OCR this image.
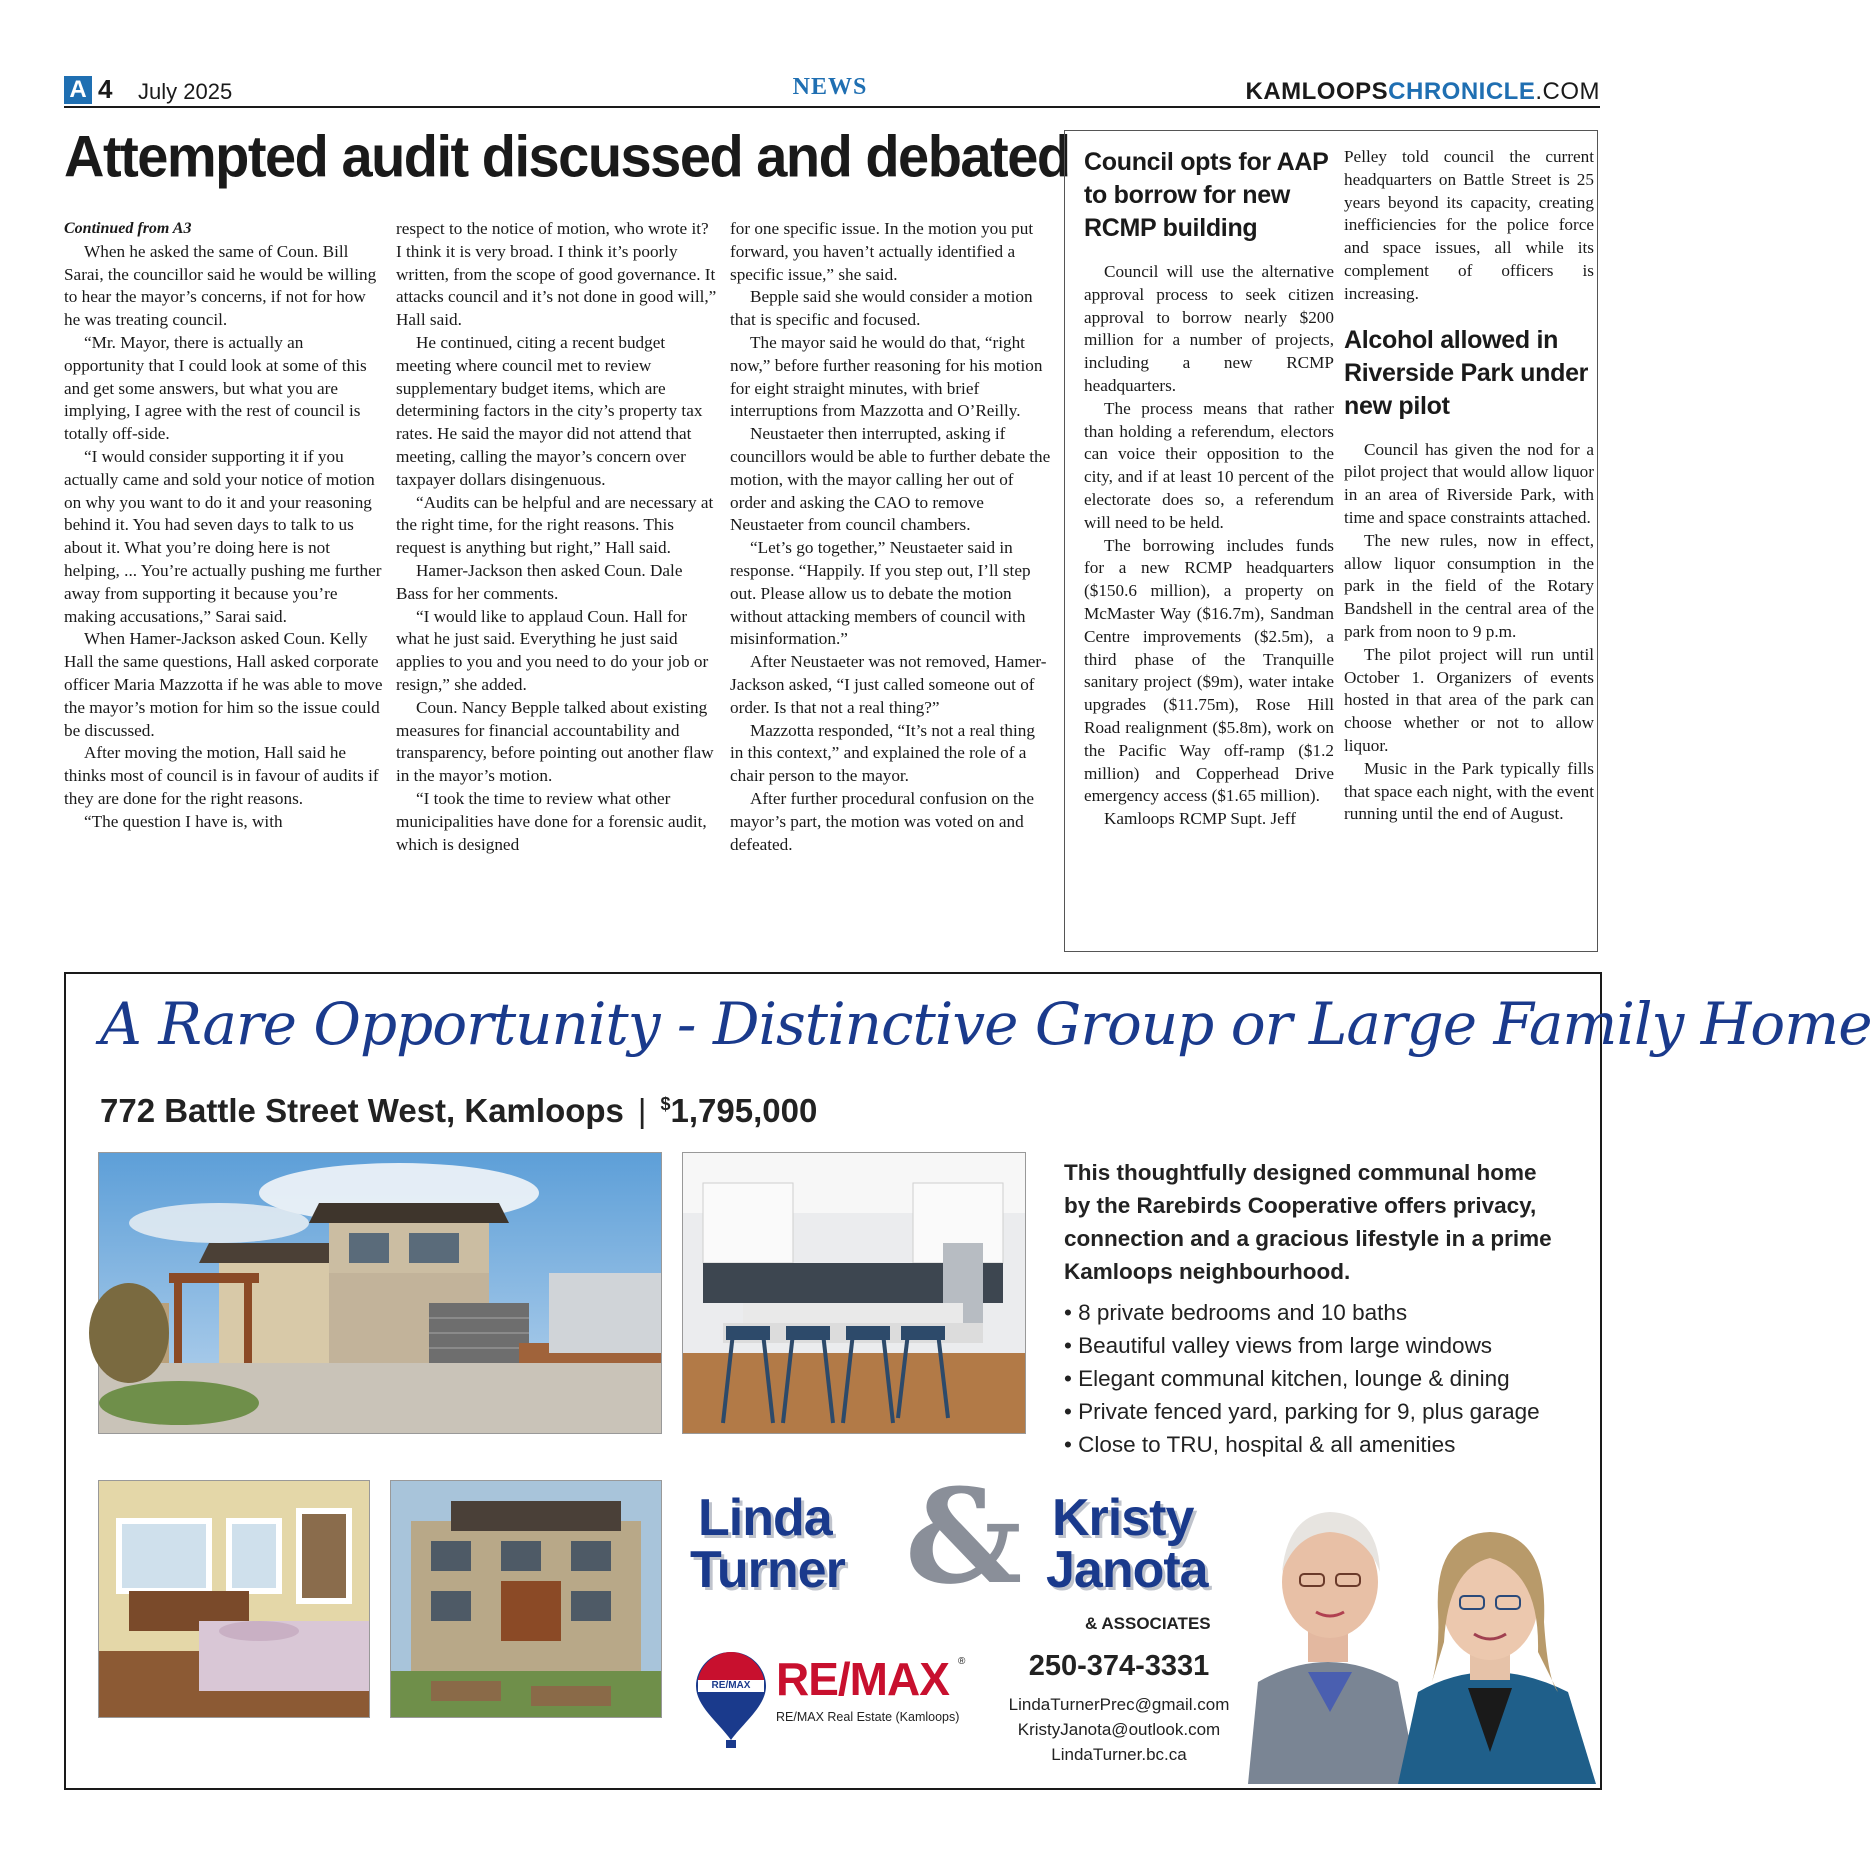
A 4 July 2025	NEWS	KAMLOOPSCHRONICLE.COM
Attempted audit discussed and debated
Continued from A3

When he asked the same of Coun. Bill Sarai, the councillor said he would be willing to hear the mayor’s concerns, if not for how he was treating council.

“Mr. Mayor, there is actually an opportunity that I could look at some of this and get some answers, but what you are implying, I agree with the rest of council is totally off-side.

“I would consider supporting it if you actually came and sold your notice of motion on why you want to do it and your reasoning behind it. You had seven days to talk to us about it. What you’re doing here is not helping, ... You’re actually pushing me further away from supporting it because you’re making accusations,” Sarai said.

When Hamer-Jackson asked Coun. Kelly Hall the same questions, Hall asked corporate officer Maria Mazzotta if he was able to move the mayor’s motion for him so the issue could be discussed.

After moving the motion, Hall said he thinks most of council is in favour of audits if they are done for the right reasons.

“The question I have is, with

respect to the notice of motion, who wrote it? I think it is very broad. I think it’s poorly written, from the scope of good governance. It attacks council and it’s not done in good will,” Hall said.

He continued, citing a recent budget meeting where council met to review supplementary budget items, which are determining factors in the city’s property tax rates. He said the mayor did not attend that meeting, calling the mayor’s concern over taxpayer dollars disingenuous.

“Audits can be helpful and are necessary at the right time, for the right reasons. This request is anything but right,” Hall said.

Hamer-Jackson then asked Coun. Dale Bass for her comments.

“I would like to applaud Coun. Hall for what he just said. Everything he just said applies to you and you need to do your job or resign,” she added.

Coun. Nancy Bepple talked about existing measures for financial accountability and transparency, before pointing out another flaw in the mayor’s motion.

“I took the time to review what other municipalities have done for a forensic audit, which is designed

for one specific issue. In the motion you put forward, you haven’t actually identified a specific issue,” she said.

Bepple said she would consider a motion that is specific and focused.

The mayor said he would do that, “right now,” before further reasoning for his motion for eight straight minutes, with brief interruptions from Mazzotta and O’Reilly.

Neustaeter then interrupted, asking if councillors would be able to further debate the motion, with the mayor calling her out of order and asking the CAO to remove Neustaeter from council chambers.

“Let’s go together,” Neustaeter said in response. “Happily. If you step out, I’ll step out. Please allow us to debate the motion without attacking members of council with misinformation.”

After Neustaeter was not removed, Hamer-Jackson asked, “I just called someone out of order. Is that not a real thing?”

Mazzotta responded, “It’s not a real thing in this context,” and explained the role of a chair person to the mayor.

After further procedural confusion on the mayor’s part, the motion was voted on and defeated.

Council opts for AAP to borrow for new RCMP building

Council will use the alternative approval process to seek citizen approval to borrow nearly $200 million for a number of projects, including a new RCMP headquarters.

The process means that rather than holding a referendum, electors can voice their opposition to the city, and if at least 10 percent of the electorate does so, a referendum will need to be held.

The borrowing includes funds for a new RCMP headquarters ($150.6 million), a property on McMaster Way ($16.7m), Sandman Centre improvements ($2.5m), a third phase of the Tranquille sanitary project ($9m), water intake upgrades ($11.75m), Rose Hill Road realignment ($5.8m), work on the Pacific Way off-ramp ($1.2 million) and Copperhead Drive emergency access ($1.65 million).

Kamloops RCMP Supt. Jeff

Pelley told council the current headquarters on Battle Street is 25 years beyond its capacity, creating inefficiencies for the police force and space issues, all while its complement of officers is increasing.

Alcohol allowed in Riverside Park under new pilot

Council has given the nod for a pilot project that would allow liquor in an area of Riverside Park, with time and space constraints attached.

The new rules, now in effect, allow liquor consumption in the park in the field of the Rotary Bandshell in the central area of the park from noon to 9 p.m.

The pilot project will run until October 1. Organizers of events hosted in that area of the park can choose whether or not to allow liquor.

Music in the Park typically fills that space each night, with the event running until the end of August.

A Rare Opportunity - Distinctive Group or Large Family Home
772 Battle Street West, Kamloops | $1,795,000
This thoughtfully designed communal home by the Rarebirds Cooperative offers privacy, connection and a gracious lifestyle in a prime Kamloops neighbourhood.
• 8 private bedrooms and 10 baths
• Beautiful valley views from large windows
• Elegant communal kitchen, lounge & dining
• Private fenced yard, parking for 9, plus garage
• Close to TRU, hospital & all amenities
Linda
Turner & Kristy
Janota
& ASSOCIATES
RE/MAX RE/MAX ®
RE/MAX Real Estate (Kamloops)
250-374-3331
LindaTurnerPrec@gmail.com
KristyJanota@outlook.com
LindaTurner.bc.ca
